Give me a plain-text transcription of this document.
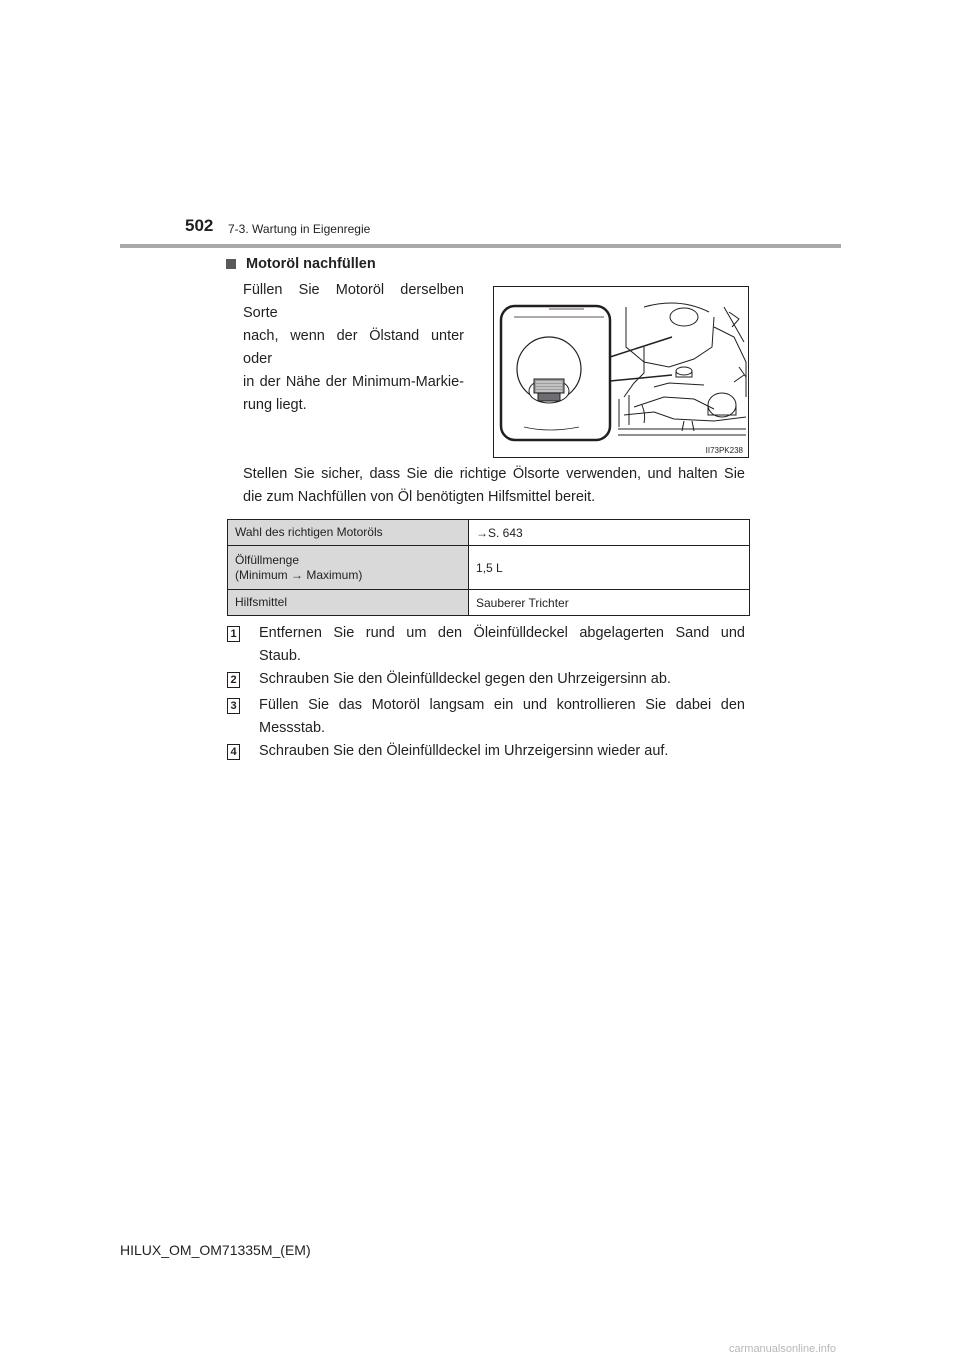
502 7-3. Wartung in Eigenregie
Motoröl nachfüllen
Füllen Sie Motoröl derselben Sorte
nach, wenn der Ölstand unter oder
in der Nähe der Minimum-Markie-
rung liegt.
II73PK238
Stellen Sie sicher, dass Sie die richtige Ölsorte verwenden, und halten Sie
die zum Nachfüllen von Öl benötigten Hilfsmittel bereit.
Wahl des richtigen Motoröls	→S. 643

Ölfüllmenge
(Minimum → Maximum)	1,5 L

Hilfsmittel	Sauberer Trichter
1 Entfernen Sie rund um den Öleinfülldeckel abgelagerten Sand und
Staub.
2 Schrauben Sie den Öleinfülldeckel gegen den Uhrzeigersinn ab.
3 Füllen Sie das Motoröl langsam ein und kontrollieren Sie dabei den
Messstab.
4 Schrauben Sie den Öleinfülldeckel im Uhrzeigersinn wieder auf.
HILUX_OM_OM71335M_(EM)
carmanualsonline.info
